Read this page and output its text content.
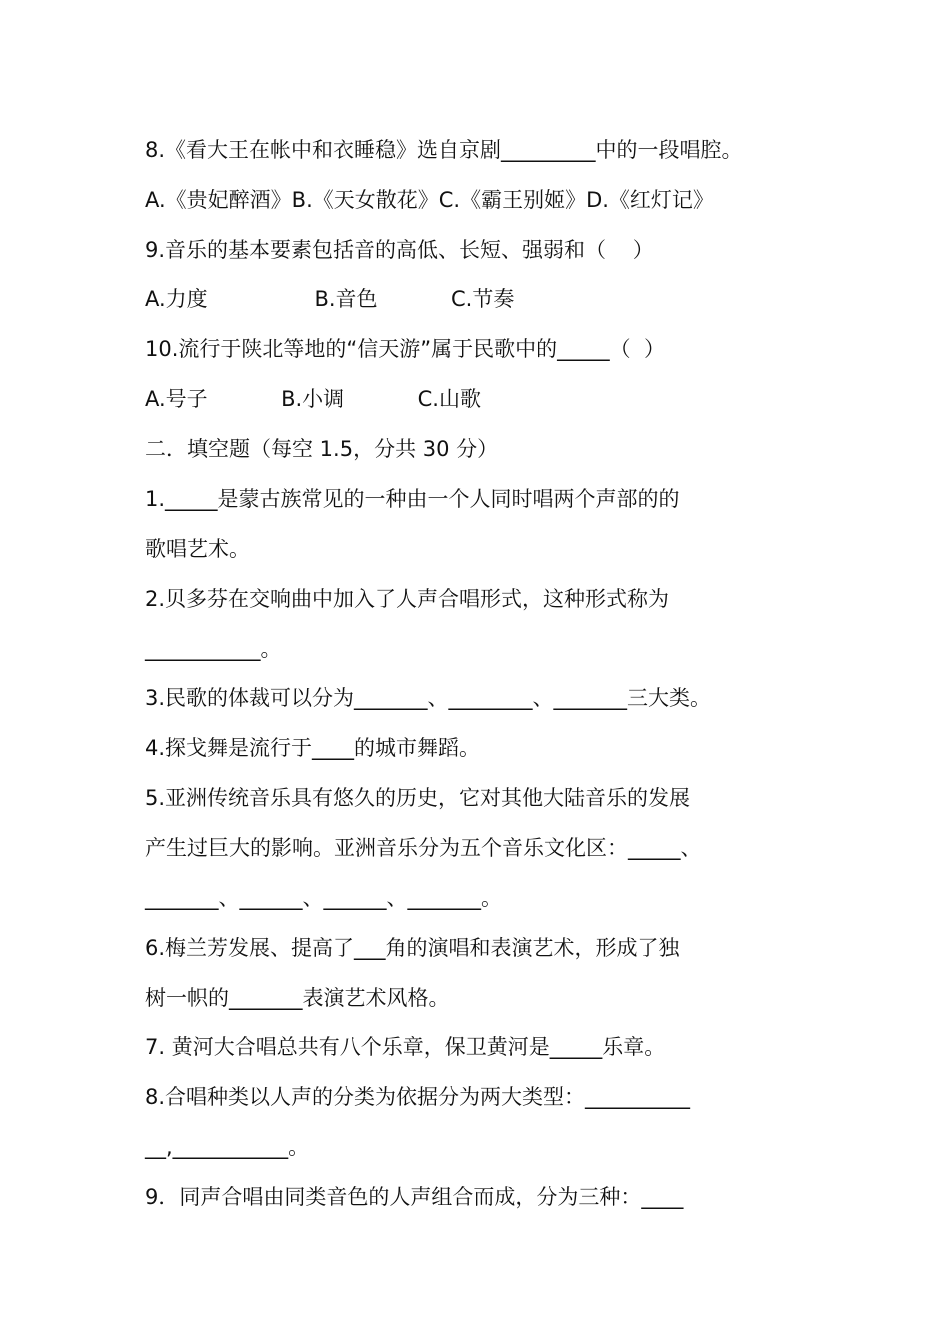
8.《看大王在帐中和衣睡稳》选自京剧_________中的一段唱腔。

A.《贵妃醉酒》B.《天女散花》C.《霸王别姬》D.《红灯记》

9.音乐的基本要素包括音的高低、长短、强弱和（    ）

A.力度                B.音色           C.节奏

10.流行于陕北等地的“信天游”属于民歌中的_____（  ）

A.号子           B.小调           C.山歌

二．填空题（每空 1.5，分共 30 分）

1._____是蒙古族常见的一种由一个人同时唱两个声部的的

歌唱艺术。

2.贝多芬在交响曲中加入了人声合唱形式，这种形式称为

___________。

3.民歌的体裁可以分为_______、________、_______三大类。

4.探戈舞是流行于____的城市舞蹈。

5.亚洲传统音乐具有悠久的历史，它对其他大陆音乐的发展

产生过巨大的影响。亚洲音乐分为五个音乐文化区：_____、

_______、______、______、_______。

6.梅兰芳发展、提高了___角的演唱和表演艺术，形成了独

树一帜的_______表演艺术风格。

7. 黄河大合唱总共有八个乐章，保卫黄河是_____乐章。

8.合唱种类以人声的分类为依据分为两大类型：__________

__,___________。

9．同声合唱由同类音色的人声组合而成，分为三种：____
